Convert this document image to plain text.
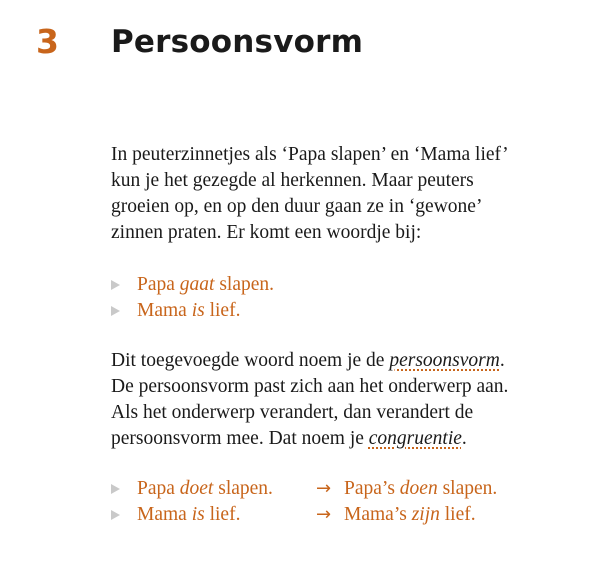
3 Persoonsvorm

In peuterzinnetjes als ‘Papa slapen’ en ‘Mama lief’
kun je het gezegde al herkennen. Maar peuters
groeien op, en op den duur gaan ze in ‘gewone’
zinnen praten. Er komt een woordje bij:

Papa gaat slapen.
Mama is lief.

Dit toegevoegde woord noem je de persoonsvorm.
De persoonsvorm past zich aan het onderwerp aan.
Als het onderwerp verandert, dan verandert de
persoonsvorm mee. Dat noem je congruentie.

Papa doet slapen. → Papa’s doen slapen.
Mama is lief.	→ Mama’s zijn lief.
